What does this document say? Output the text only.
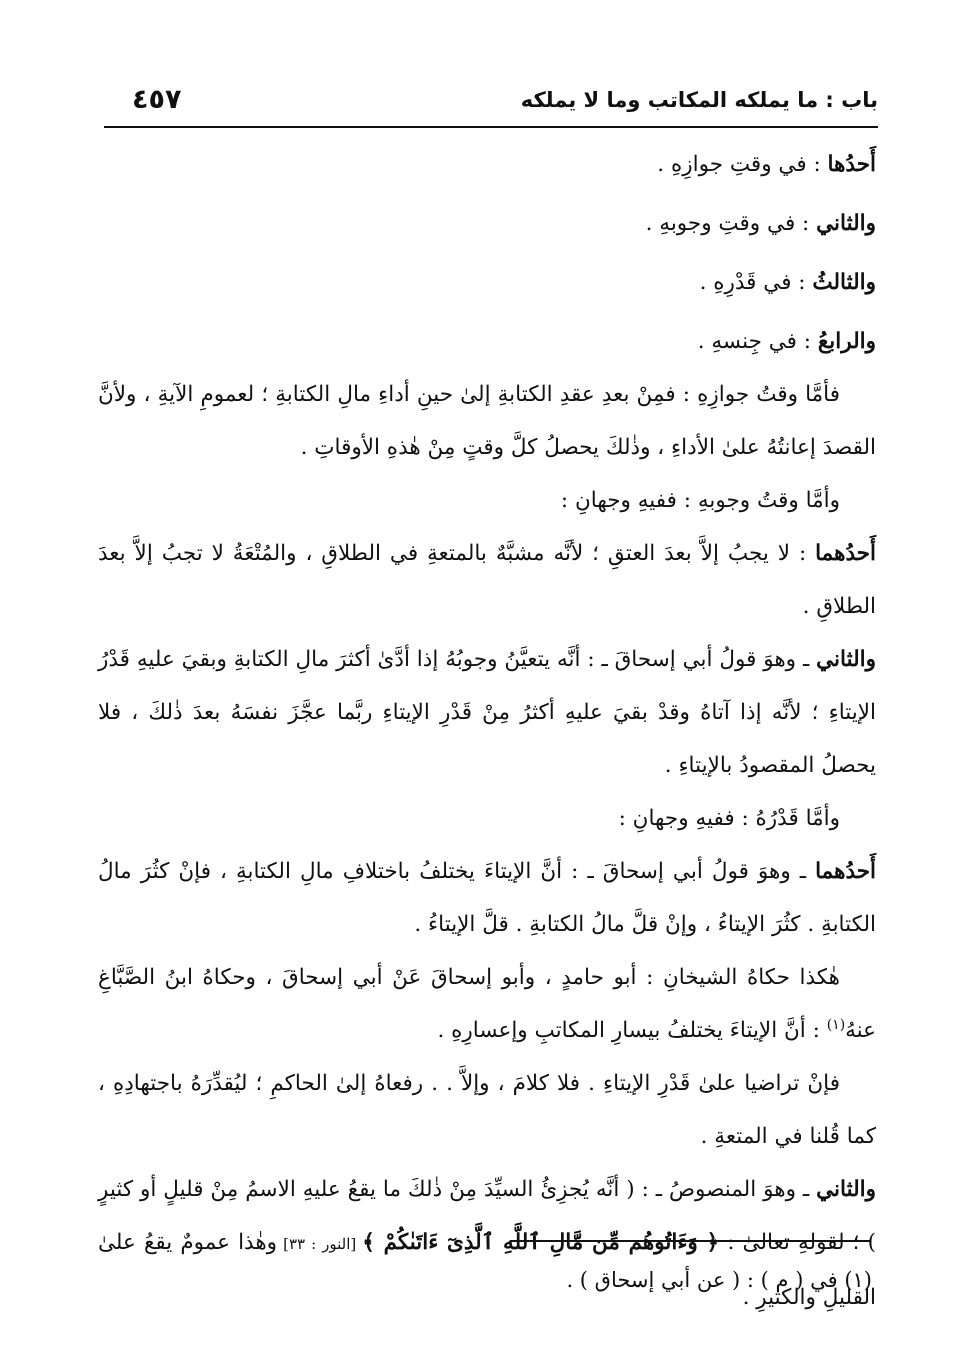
٤٥٧	باب : ما يملكه المكاتب وما لا يملكه

أَحدُها : في وقتِ جوازِهِ .

والثاني : في وقتِ وجوبهِ .

والثالثُ : في قَدْرِهِ .

والرابعُ : في جِنسهِ .

فأمَّا وقتُ جوازِهِ : فمِنْ بعدِ عقدِ الكتابةِ إلىٰ حينِ أداءِ مالِ الكتابةِ ؛ لعمومِ الآيةِ ، ولأنَّ القصدَ إعانتُهُ علىٰ الأداءِ ، وذٰلكَ يحصلُ كلَّ وقتٍ مِنْ هٰذهِ الأوقاتِ .

وأمَّا وقتُ وجوبهِ : ففيهِ وجهانِ :

أَحدُهما : لا يجبُ إلاَّ بعدَ العتقِ ؛ لأنَّه مشبَّهٌ بالمتعةِ في الطلاقِ ، والمُتْعَةُ لا تجبُ إلاَّ بعدَ الطلاقِ .

والثاني ـ وهوَ قولُ أبي إسحاقَ ـ : أنَّه يتعيَّنُ وجوبُهُ إذا أدَّىٰ أكثرَ مالِ الكتابةِ وبقيَ عليهِ قَدْرُ الإيتاءِ ؛ لأنَّه إذا آتاهُ وقدْ بقيَ عليهِ أكثرُ مِنْ قَدْرِ الإيتاءِ ربَّما عجَّزَ نفسَهُ بعدَ ذٰلكَ ، فلا يحصلُ المقصودُ بالإيتاءِ .

وأمَّا قَدْرُهُ : ففيهِ وجهانِ :

أَحدُهما ـ وهوَ قولُ أبي إسحاقَ ـ : أنَّ الإيتاءَ يختلفُ باختلافِ مالِ الكتابةِ ، فإنْ كثُرَ مالُ الكتابةِ . كثُرَ الإيتاءُ ، وإنْ قلَّ مالُ الكتابةِ . قلَّ الإيتاءُ .

هٰكذا حكاهُ الشيخانِ : أبو حامدٍ ، وأبو إسحاقَ عَنْ أبي إسحاقَ ، وحكاهُ ابنُ الصَّبَّاغِ عنهُ$^{(١)}$ : أنَّ الإيتاءَ يختلفُ بيسارِ المكاتبِ وإعسارِهِ .

فإنْ تراضيا علىٰ قَدْرِ الإيتاءِ . فلا كلامَ ، وإلاَّ . . رفعاهُ إلىٰ الحاكمِ ؛ ليُقدِّرَهُ باجتهادِهِ ، كما قُلنا في المتعةِ .

والثاني ـ وهوَ المنصوصُ ـ : ( أنَّه يُجزِئُ السيِّدَ مِنْ ذٰلكَ ما يقعُ عليهِ الاسمُ مِنْ قليلٍ أو كثيرٍ ) ؛ لقولهِ تعالىٰ : ﴿ وَءَاتُوهُم مِّن مَّالِ ٱللَّهِ ٱلَّذِىٓ ءَاتَىٰكُمْ ﴾ [النور : ٣٣] وهٰذا عمومٌ يقعُ علىٰ القليلِ والكثيرِ .

(١) في ( م ) : ( عن أبي إسحاق ) .
